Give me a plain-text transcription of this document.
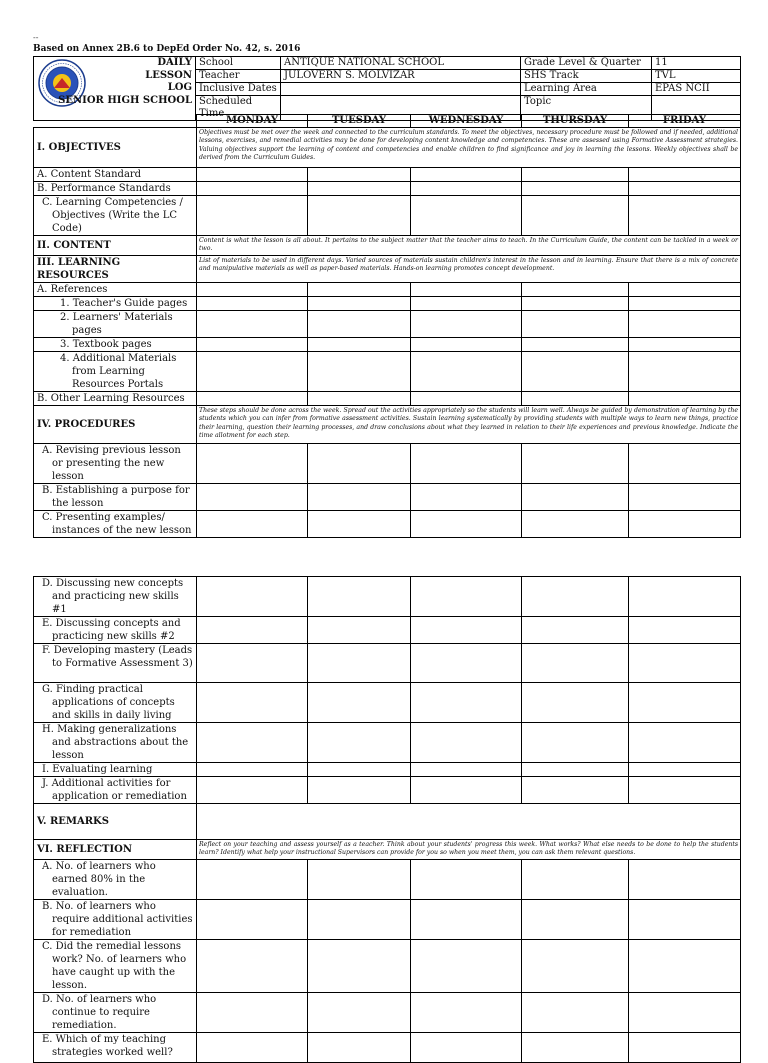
--
Based on Annex 2B.6 to DepEd Order No. 42, s. 2016
DAILY
LESSON
LOG
SENIOR HIGH SCHOOL	School	ANTIQUE NATIONAL SCHOOL	Grade Level & Quarter	11
	Teacher	JULOVERN S. MOLVIZAR	SHS Track	TVL
	Inclusive Dates		Learning Area	EPAS NCII
	Scheduled Time		Topic	
	MONDAY	TUESDAY	WEDNESDAY	THURSDAY	FRIDAY
I. OBJECTIVES	Objectives must be met over the week and connected to the curriculum standards. To meet the objectives, necessary procedure must be followed and if needed, additional lessons, exercises, and remedial activities may be done for developing content knowledge and competencies. These are assessed using Formative Assessment strategies. Valuing objectives support the learning of content and competencies and enable children to find significance and joy in learning the lessons. Weekly objectives shall be derived from the Curriculum Guides.				
A. Content Standard					
B. Performance Standards					
C. Learning Competencies / Objectives (Write the LC Code)					
II. CONTENT	Content is what the lesson is all about. It pertains to the subject matter that the teacher aims to teach. In the Curriculum Guide, the content can be tackled in a week or two.				
III. LEARNING RESOURCES	List of materials to be used in different days. Varied sources of materials sustain children's interest in the lesson and in learning. Ensure that there is a mix of concrete and manipulative materials as well as paper-based materials. Hands-on learning promotes concept development.				
A. References					
1. Teacher's Guide pages					
2. Learners' Materials pages					
3. Textbook pages					
4. Additional Materials from Learning Resources Portals					
B. Other Learning Resources					
IV. PROCEDURES	These steps should be done across the week. Spread out the activities appropriately so the students will learn well. Always be guided by demonstration of learning by the students which you can infer from formative assessment activities. Sustain learning systematically by providing students with multiple ways to learn new things, practice their learning, question their learning processes, and draw conclusions about what they learned in relation to their life experiences and previous knowledge. Indicate the time allotment for each step.				
A. Revising previous lesson or presenting the new lesson					
B. Establishing a purpose for the lesson					
C. Presenting examples/ instances of the new lesson					
D. Discussing new concepts and practicing new skills #1					
E. Discussing concepts and practicing new skills #2					
F. Developing mastery (Leads to Formative Assessment 3)					
G. Finding practical applications of concepts and skills in daily living					
H. Making generalizations and abstractions about the lesson					
I. Evaluating learning					
J. Additional activities for application or remediation					
V. REMARKS					
VI. REFLECTION	Reflect on your teaching and assess yourself as a teacher. Think about your students' progress this week. What works? What else needs to be done to help the students learn? Identify what help your instructional Supervisors can provide for you so when you meet them, you can ask them relevant questions.				
A. No. of learners who earned 80% in the evaluation.					
B. No. of learners who require additional activities for remediation					
C. Did the remedial lessons work? No. of learners who have caught up with the lesson.					
D. No. of learners who continue to require remediation.					
E. Which of my teaching strategies worked well?					
